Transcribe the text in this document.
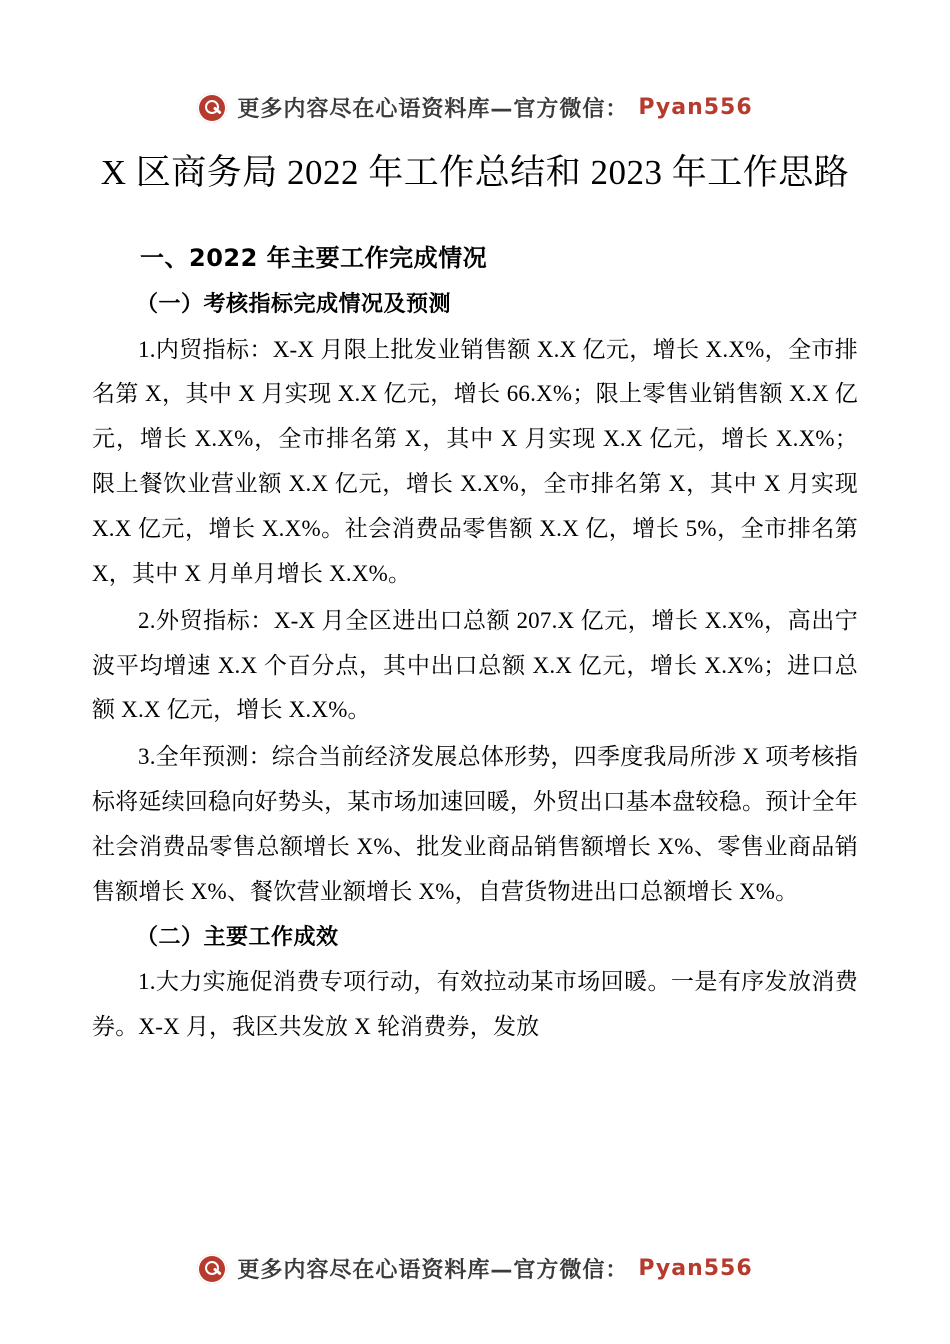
更多内容尽在心语资料库—官方微信： Pyan556
X 区商务局 2022 年工作总结和 2023 年工作思路
一、2022 年主要工作完成情况
（一）考核指标完成情况及预测

1.内贸指标：X-X 月限上批发业销售额 X.X 亿元，增长 X.X%，全市排名第 X，其中 X 月实现 X.X 亿元，增长 66.X%；限上零售业销售额 X.X 亿元，增长 X.X%，全市排名第 X，其中 X 月实现 X.X 亿元，增长 X.X%；限上餐饮业营业额 X.X 亿元，增长 X.X%，全市排名第 X，其中 X 月实现 X.X 亿元，增长 X.X%。社会消费品零售额 X.X 亿，增长 5%，全市排名第 X，其中 X 月单月增长 X.X%。

2.外贸指标：X-X 月全区进出口总额 207.X 亿元，增长 X.X%，高出宁波平均增速 X.X 个百分点，其中出口总额 X.X 亿元，增长 X.X%；进口总额 X.X 亿元，增长 X.X%。

3.全年预测：综合当前经济发展总体形势，四季度我局所涉 X 项考核指标将延续回稳向好势头，某市场加速回暖，外贸出口基本盘较稳。预计全年社会消费品零售总额增长 X%、批发业商品销售额增长 X%、零售业商品销售额增长 X%、餐饮营业额增长 X%，自营货物进出口总额增长 X%。

（二）主要工作成效

1.大力实施促消费专项行动，有效拉动某市场回暖。一是有序发放消费券。X-X 月，我区共发放 X 轮消费券，发放

更多内容尽在心语资料库—官方微信： Pyan556
